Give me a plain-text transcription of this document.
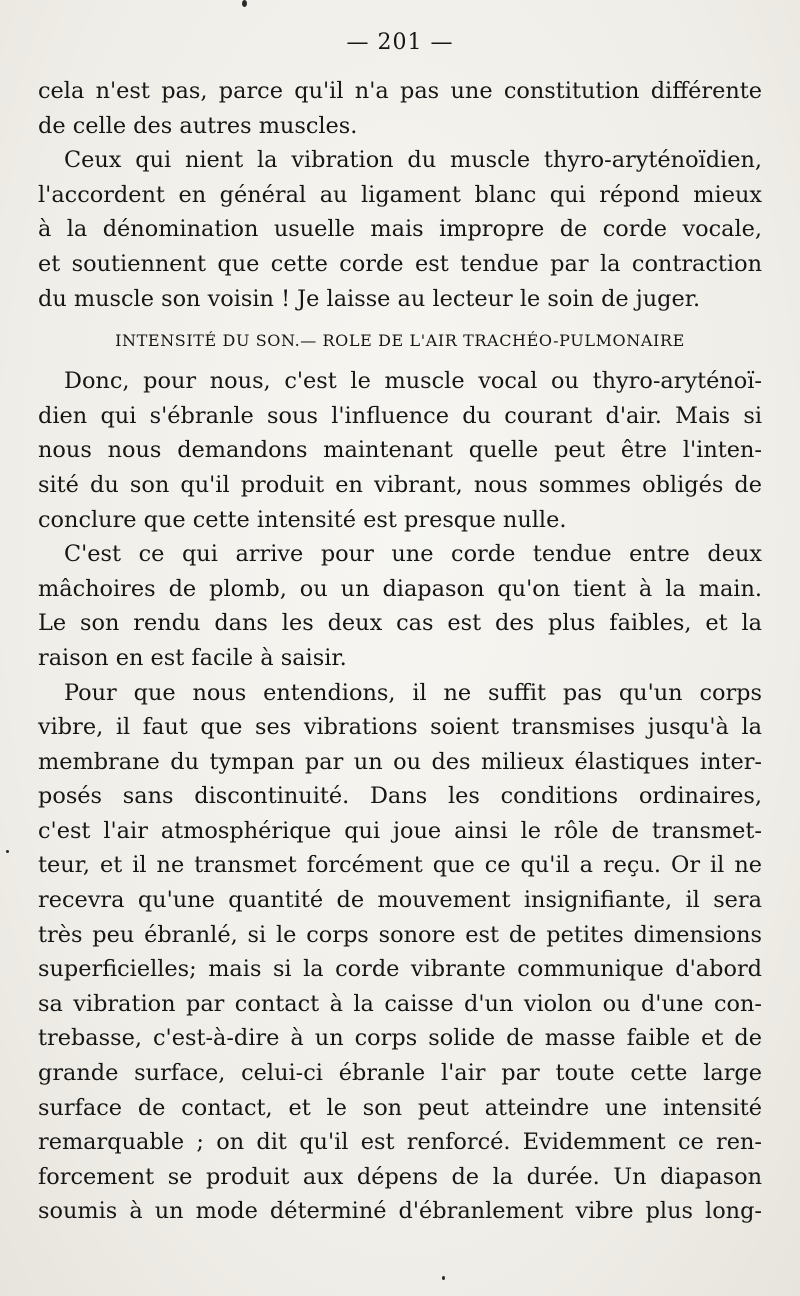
— 201 —
cela n'est pas, parce qu'il n'a pas une constitution différente
de celle des autres muscles.
Ceux qui nient la vibration du muscle thyro-aryténoïdien,
l'accordent en général au ligament blanc qui répond mieux
à la dénomination usuelle mais impropre de corde vocale,
et soutiennent que cette corde est tendue par la contraction
du muscle son voisin ! Je laisse au lecteur le soin de juger.
INTENSITÉ DU SON.— ROLE DE L'AIR TRACHÉO-PULMONAIRE
Donc, pour nous, c'est le muscle vocal ou thyro-aryténoï-
dien qui s'ébranle sous l'influence du courant d'air. Mais si
nous nous demandons maintenant quelle peut être l'inten-
sité du son qu'il produit en vibrant, nous sommes obligés de
conclure que cette intensité est presque nulle.
C'est ce qui arrive pour une corde tendue entre deux
mâchoires de plomb, ou un diapason qu'on tient à la main.
Le son rendu dans les deux cas est des plus faibles, et la
raison en est facile à saisir.
Pour que nous entendions, il ne suffit pas qu'un corps
vibre, il faut que ses vibrations soient transmises jusqu'à la
membrane du tympan par un ou des milieux élastiques inter-
posés sans discontinuité. Dans les conditions ordinaires,
c'est l'air atmosphérique qui joue ainsi le rôle de transmet-
teur, et il ne transmet forcément que ce qu'il a reçu. Or il ne
recevra qu'une quantité de mouvement insignifiante, il sera
très peu ébranlé, si le corps sonore est de petites dimensions
superficielles; mais si la corde vibrante communique d'abord
sa vibration par contact à la caisse d'un violon ou d'une con-
trebasse, c'est-à-dire à un corps solide de masse faible et de
grande surface, celui-ci ébranle l'air par toute cette large
surface de contact, et le son peut atteindre une intensité
remarquable ; on dit qu'il est renforcé. Evidemment ce ren-
forcement se produit aux dépens de la durée. Un diapason
soumis à un mode déterminé d'ébranlement vibre plus long-
